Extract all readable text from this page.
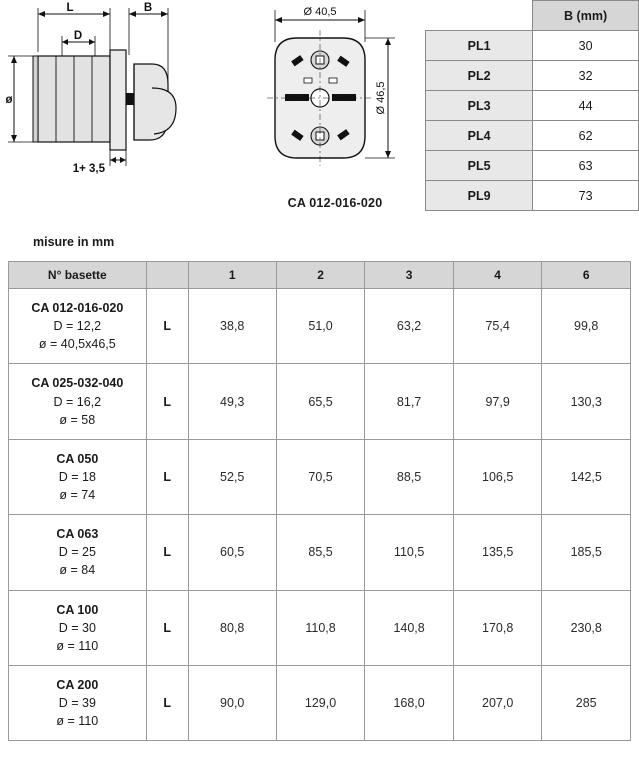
L	B
D
ø
1+ 3,5
Ø 40,5
Ø 46,5
CA 012-016-020
	B (mm)
PL1	30
PL2	32
PL3	44
PL4	62
PL5	63
PL9	73
misure in mm
N° basette		1	2	3	4	6

CA 012-016-020
D = 12,2
ø = 40,5x46,5	L	38,8	51,0	63,2	75,4	99,8

CA 025-032-040
D = 16,2
ø = 58	L	49,3	65,5	81,7	97,9	130,3

CA 050
D = 18
ø = 74	L	52,5	70,5	88,5	106,5	142,5

CA 063
D = 25
ø = 84	L	60,5	85,5	110,5	135,5	185,5

CA 100
D = 30
ø = 110	L	80,8	110,8	140,8	170,8	230,8

CA 200
D = 39
ø = 110	L	90,0	129,0	168,0	207,0	285
